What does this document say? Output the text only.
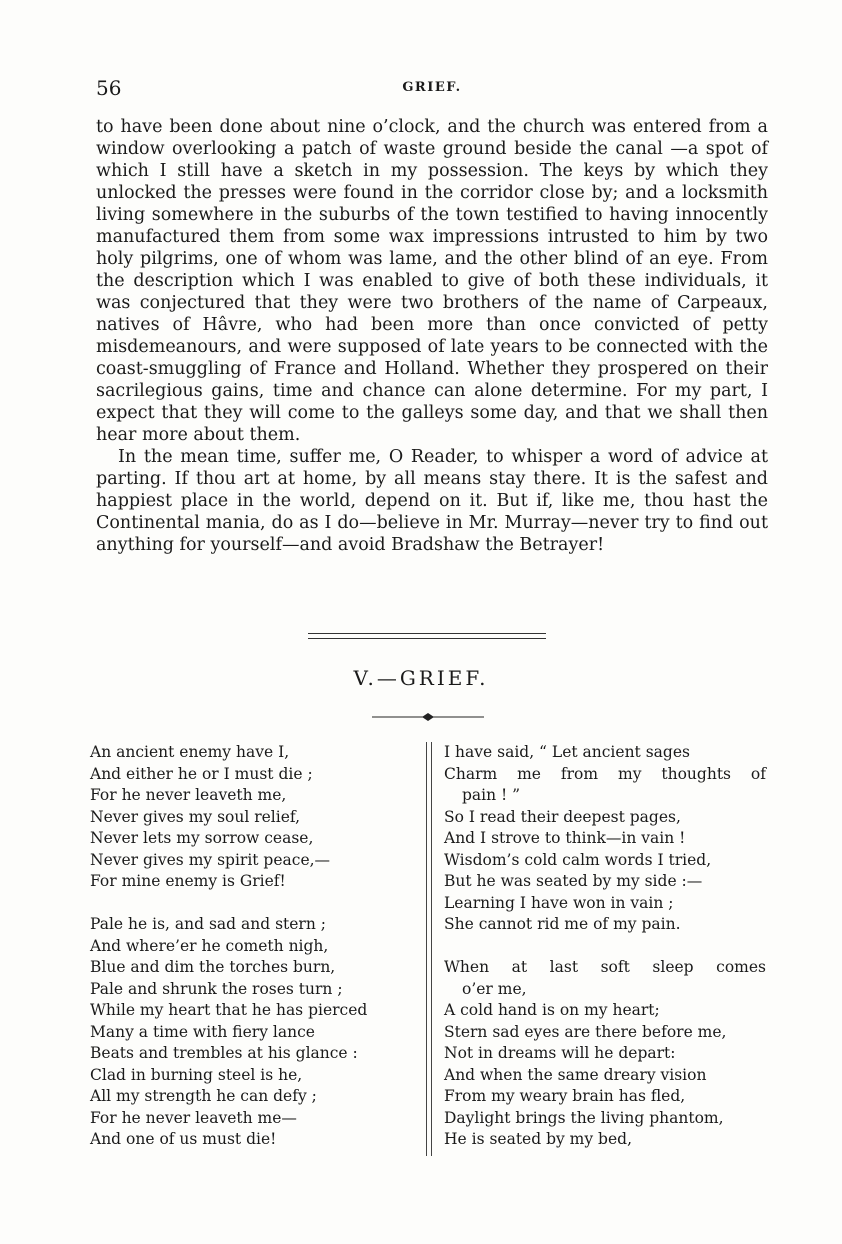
56	GRIEF.

to have been done about nine o’clock, and the church was entered from a window overlooking a patch of waste ground beside the canal —a spot of which I still have a sketch in my possession. The keys by which they unlocked the presses were found in the corridor close by; and a locksmith living somewhere in the suburbs of the town testified to having innocently manufactured them from some wax impressions intrusted to him by two holy pilgrims, one of whom was lame, and the other blind of an eye. From the description which I was enabled to give of both these individuals, it was conjectured that they were two brothers of the name of Carpeaux, natives of Hâvre, who had been more than once convicted of petty misdemeanours, and were supposed of late years to be connected with the coast-smuggling of France and Holland. Whether they prospered on their sacrilegious gains, time and chance can alone determine. For my part, I expect that they will come to the galleys some day, and that we shall then hear more about them.

In the mean time, suffer me, O Reader, to whisper a word of advice at parting. If thou art at home, by all means stay there. It is the safest and happiest place in the world, depend on it. But if, like me, thou hast the Continental mania, do as I do—believe in Mr. Murray—never try to find out anything for yourself—and avoid Bradshaw the Betrayer!

V.—GRIEF.
An ancient enemy have I,
And either he or I must die ;
For he never leaveth me,
Never gives my soul relief,
Never lets my sorrow cease,
Never gives my spirit peace,—
For mine enemy is Grief!
Pale he is, and sad and stern ;
And where’er he cometh nigh,
Blue and dim the torches burn,
Pale and shrunk the roses turn ;
While my heart that he has pierced
Many a time with fiery lance
Beats and trembles at his glance :
Clad in burning steel is he,
All my strength he can defy ;
For he never leaveth me—
And one of us must die!
I have said, “ Let ancient sages
Charm me from my thoughts of
pain ! ”
So I read their deepest pages,
And I strove to think—in vain !
Wisdom’s cold calm words I tried,
But he was seated by my side :—
Learning I have won in vain ;
She cannot rid me of my pain.
When at last soft sleep comes
o’er me,
A cold hand is on my heart;
Stern sad eyes are there before me,
Not in dreams will he depart:
And when the same dreary vision
From my weary brain has fled,
Daylight brings the living phantom,
He is seated by my bed,
